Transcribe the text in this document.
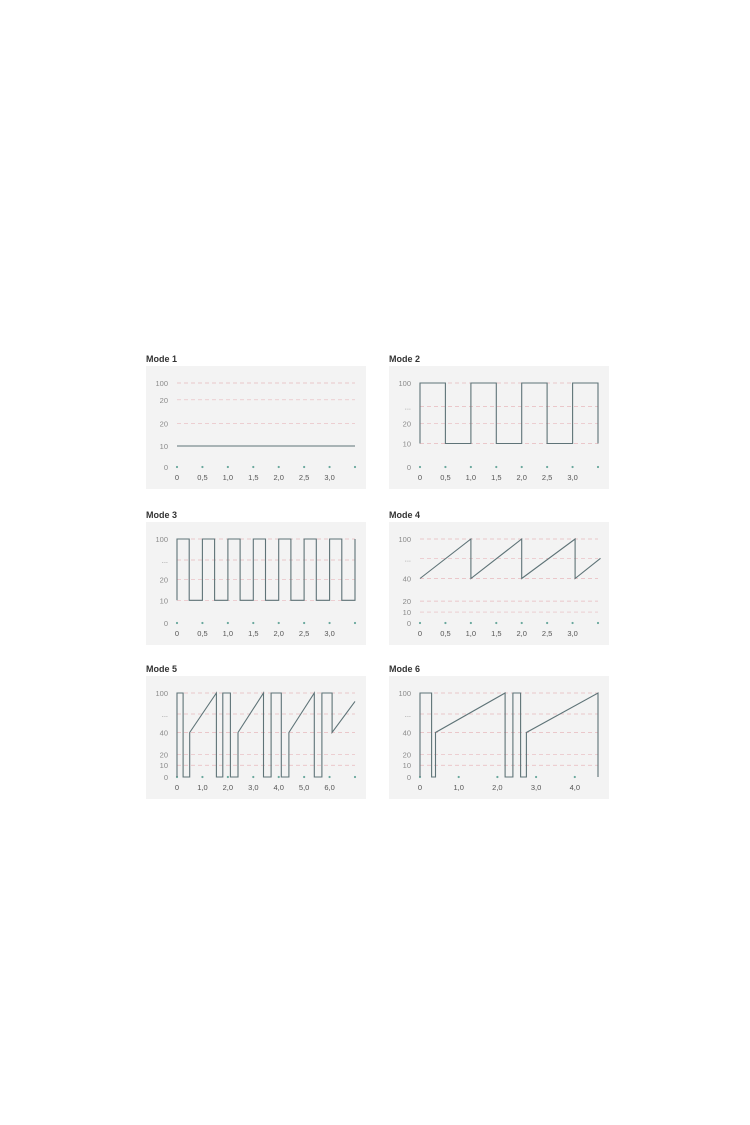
Mode 1
100
20
20
10
0
0 0,5 1,0 1,5 2,0 2,5 3,0
Mode 2
100
...
20
10
0
0 0,5 1,0 1,5 2,0 2,5 3,0
Mode 3
100
...
20
10
0
0 0,5 1,0 1,5 2,0 2,5 3,0
Mode 4
100
...
40
20
10
0
0 0,5 1,0 1,5 2,0 2,5 3,0
Mode 5
100
...
40
20
10
0
0 1,0 2,0 3,0 4,0 5,0 6,0
Mode 6
100
...
40
20
10
0
0	1,0	2,0	3,0	4,0
